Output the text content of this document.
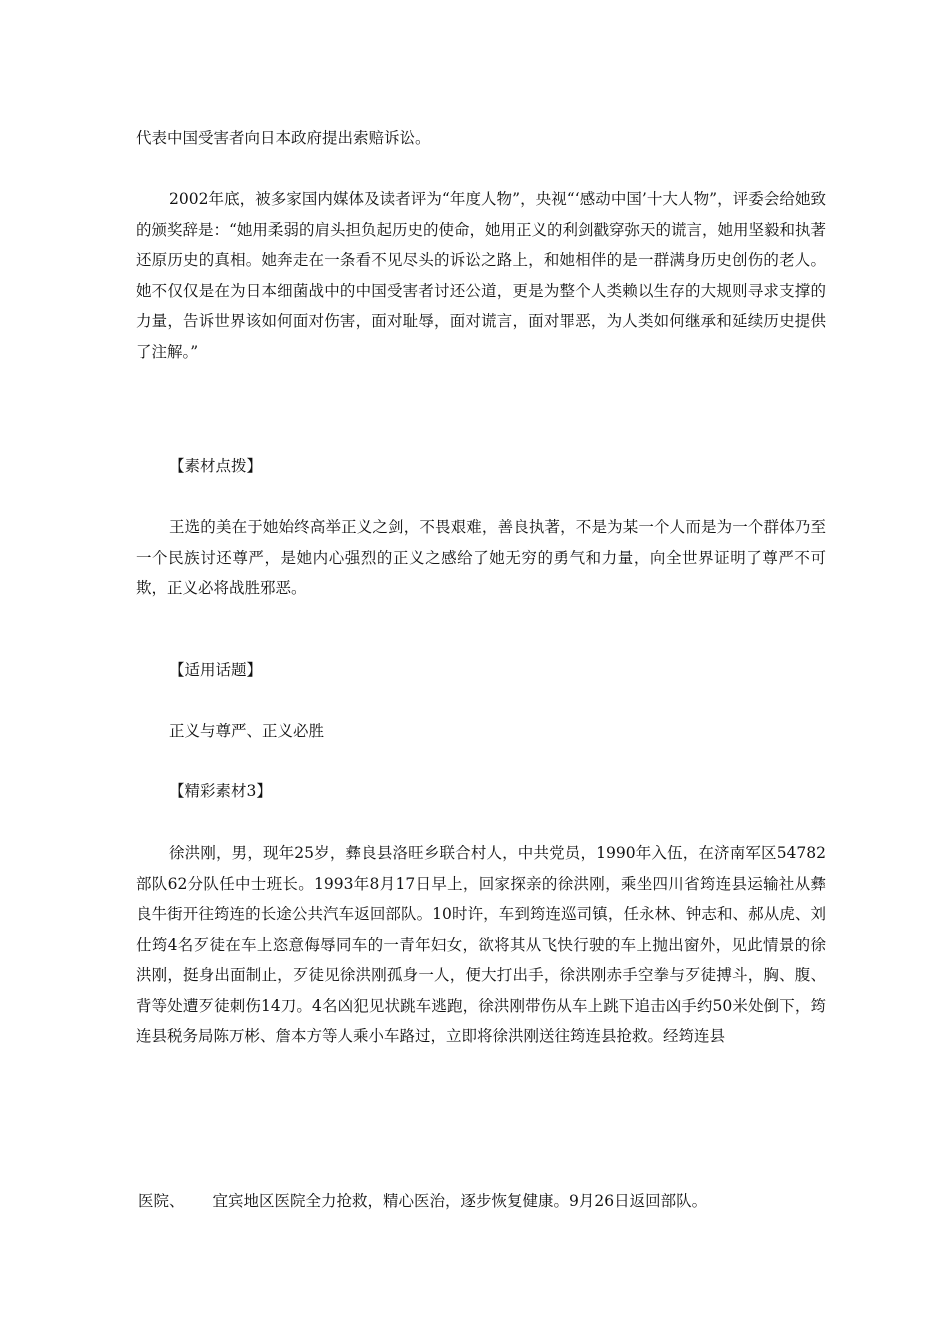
代表中国受害者向日本政府提出索赔诉讼。

2002年底，被多家国内媒体及读者评为“年度人物”，央视“‘感动中国’十大人物”，评委会给她致的颁奖辞是：“她用柔弱的肩头担负起历史的使命，她用正义的利剑戳穿弥天的谎言，她用坚毅和执著还原历史的真相。她奔走在一条看不见尽头的诉讼之路上，和她相伴的是一群满身历史创伤的老人。她不仅仅是在为日本细菌战中的中国受害者讨还公道，更是为整个人类赖以生存的大规则寻求支撑的力量，告诉世界该如何面对伤害，面对耻辱，面对谎言，面对罪恶，为人类如何继承和延续历史提供了注解。”

【素材点拨】

王选的美在于她始终高举正义之剑，不畏艰难，善良执著，不是为某一个人而是为一个群体乃至一个民族讨还尊严，是她内心强烈的正义之感给了她无穷的勇气和力量，向全世界证明了尊严不可欺，正义必将战胜邪恶。

【适用话题】

正义与尊严、正义必胜

【精彩素材3】

徐洪刚，男，现年25岁，彝良县洛旺乡联合村人，中共党员，1990年入伍，在济南军区54782部队62分队任中士班长。1993年8月17日早上，回家探亲的徐洪刚，乘坐四川省筠连县运输社从彝良牛街开往筠连的长途公共汽车返回部队。10时许，车到筠连巡司镇，任永林、钟志和、郝从虎、刘仕筠4名歹徒在车上恣意侮辱同车的一青年妇女，欲将其从飞快行驶的车上抛出窗外，见此情景的徐洪刚，挺身出面制止，歹徒见徐洪刚孤身一人，便大打出手，徐洪刚赤手空拳与歹徒搏斗，胸、腹、背等处遭歹徒刺伤14刀。4名凶犯见状跳车逃跑，徐洪刚带伤从车上跳下追击凶手约50米处倒下，筠连县税务局陈万彬、詹本方等人乘小车路过，立即将徐洪刚送往筠连县抢救。经筠连县

医院、 宜宾地区医院全力抢救，精心医治，逐步恢复健康。9月26日返回部队。
